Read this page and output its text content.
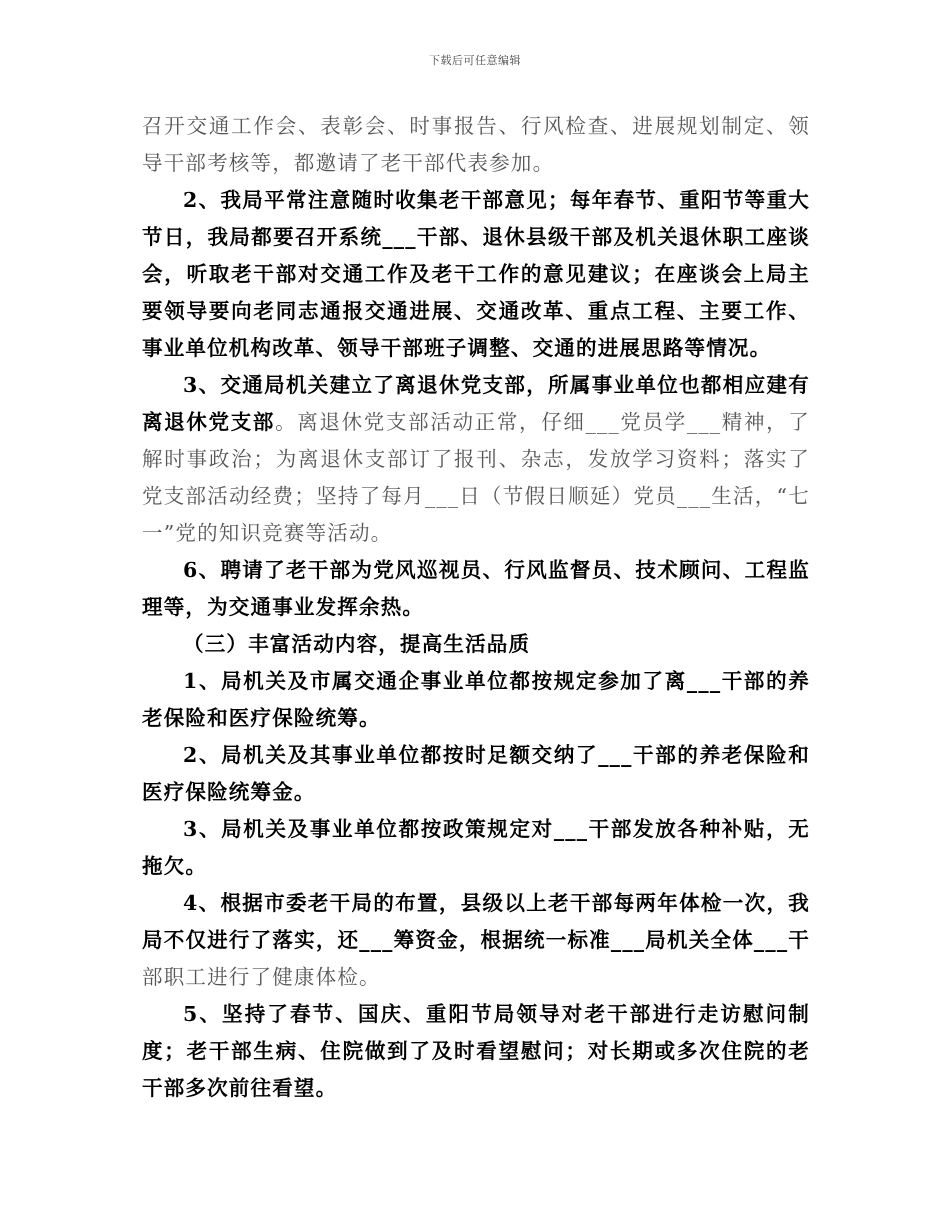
下载后可任意编辑

召开交通工作会、表彰会、时事报告、行风检查、进展规划制定、领导干部考核等，都邀请了老干部代表参加。

2、我局平常注意随时收集老干部意见；每年春节、重阳节等重大节日，我局都要召开系统___干部、退休县级干部及机关退休职工座谈会，听取老干部对交通工作及老干工作的意见建议；在座谈会上局主要领导要向老同志通报交通进展、交通改革、重点工程、主要工作、事业单位机构改革、领导干部班子调整、交通的进展思路等情况。

3、交通局机关建立了离退休党支部，所属事业单位也都相应建有离退休党支部。离退休党支部活动正常，仔细___党员学___精神，了解时事政治；为离退休支部订了报刊、杂志，发放学习资料；落实了党支部活动经费；坚持了每月___日（节假日顺延）党员___生活，“七一”党的知识竞赛等活动。

6、聘请了老干部为党风巡视员、行风监督员、技术顾问、工程监理等，为交通事业发挥余热。

（三）丰富活动内容，提高生活品质

1、局机关及市属交通企事业单位都按规定参加了离___干部的养老保险和医疗保险统筹。

2、局机关及其事业单位都按时足额交纳了___干部的养老保险和医疗保险统筹金。

3、局机关及事业单位都按政策规定对___干部发放各种补贴，无拖欠。

4、根据市委老干局的布置，县级以上老干部每两年体检一次，我局不仅进行了落实，还___筹资金，根据统一标准___局机关全体___干部职工进行了健康体检。

5、坚持了春节、国庆、重阳节局领导对老干部进行走访慰问制度；老干部生病、住院做到了及时看望慰问；对长期或多次住院的老干部多次前往看望。
